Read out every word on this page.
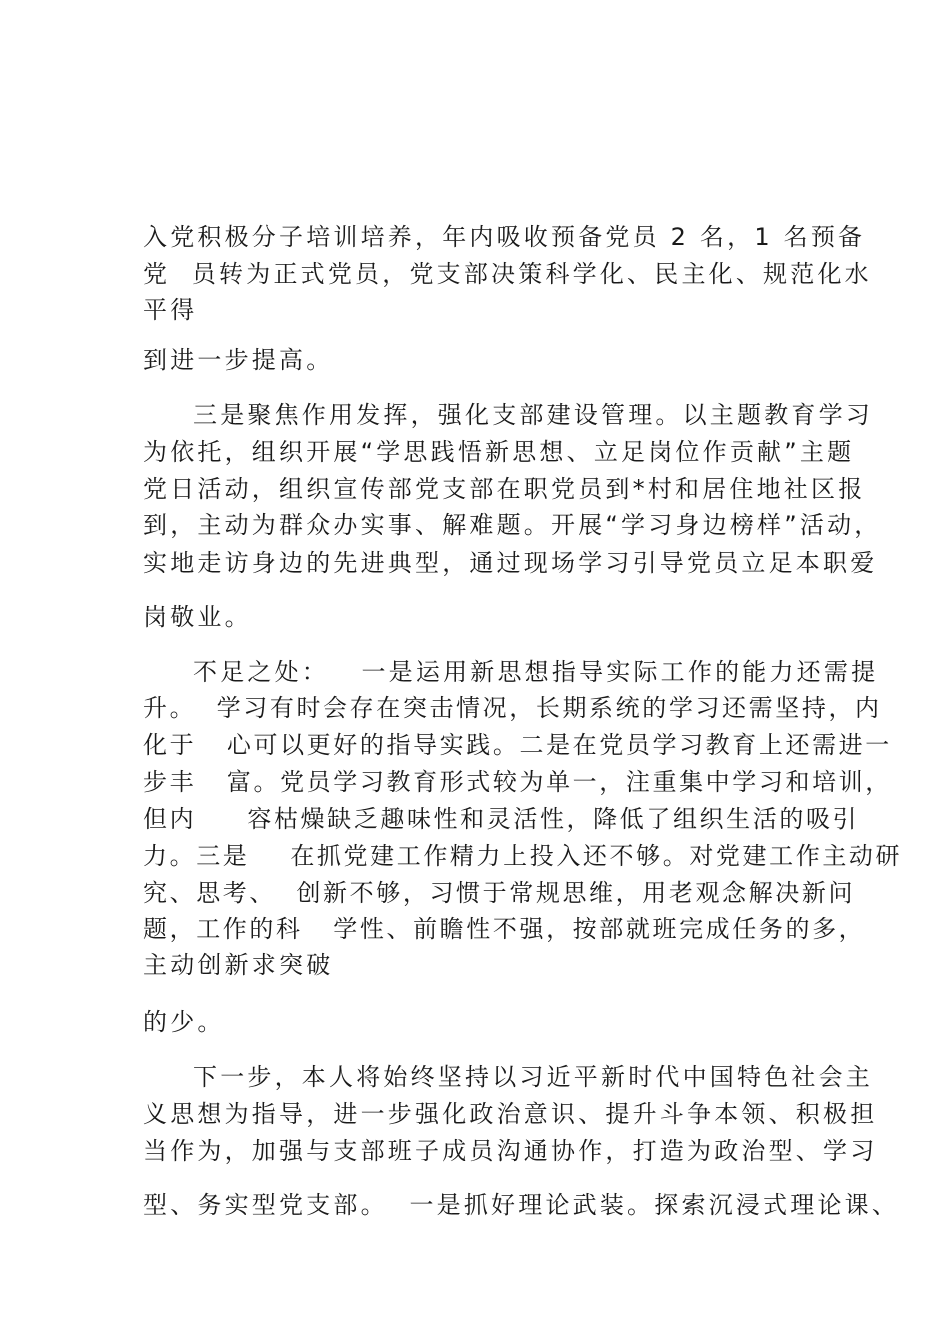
入党积极分子培训培养，年内吸收预备党员 2 名，1 名预备
党  员转为正式党员，党支部决策科学化、民主化、规范化水
平得
到进一步提高。
三是聚焦作用发挥，强化支部建设管理。以主题教育学习
为依托，组织开展“学思践悟新思想、立足岗位作贡献”主题
党日活动，组织宣传部党支部在职党员到*村和居住地社区报
到，主动为群众办实事、解难题。开展“学习身边榜样”活动，
实地走访身边的先进典型，通过现场学习引导党员立足本职爱
岗敬业。
不足之处：   一是运用新思想指导实际工作的能力还需提
升。  学习有时会存在突击情况，长期系统的学习还需坚持，内
化于   心可以更好的指导实践。二是在党员学习教育上还需进一
步丰   富。党员学习教育形式较为单一，注重集中学习和培训，
但内     容枯燥缺乏趣味性和灵活性，降低了组织生活的吸引
力。三是    在抓党建工作精力上投入还不够。对党建工作主动研
究、思考、  创新不够，习惯于常规思维，用老观念解决新问
题，工作的科   学性、前瞻性不强，按部就班完成任务的多，
主动创新求突破
的少。
下一步，本人将始终坚持以习近平新时代中国特色社会主
义思想为指导，进一步强化政治意识、提升斗争本领、积极担
当作为，加强与支部班子成员沟通协作，打造为政治型、学习
型、务实型党支部。  一是抓好理论武装。探索沉浸式理论课、
